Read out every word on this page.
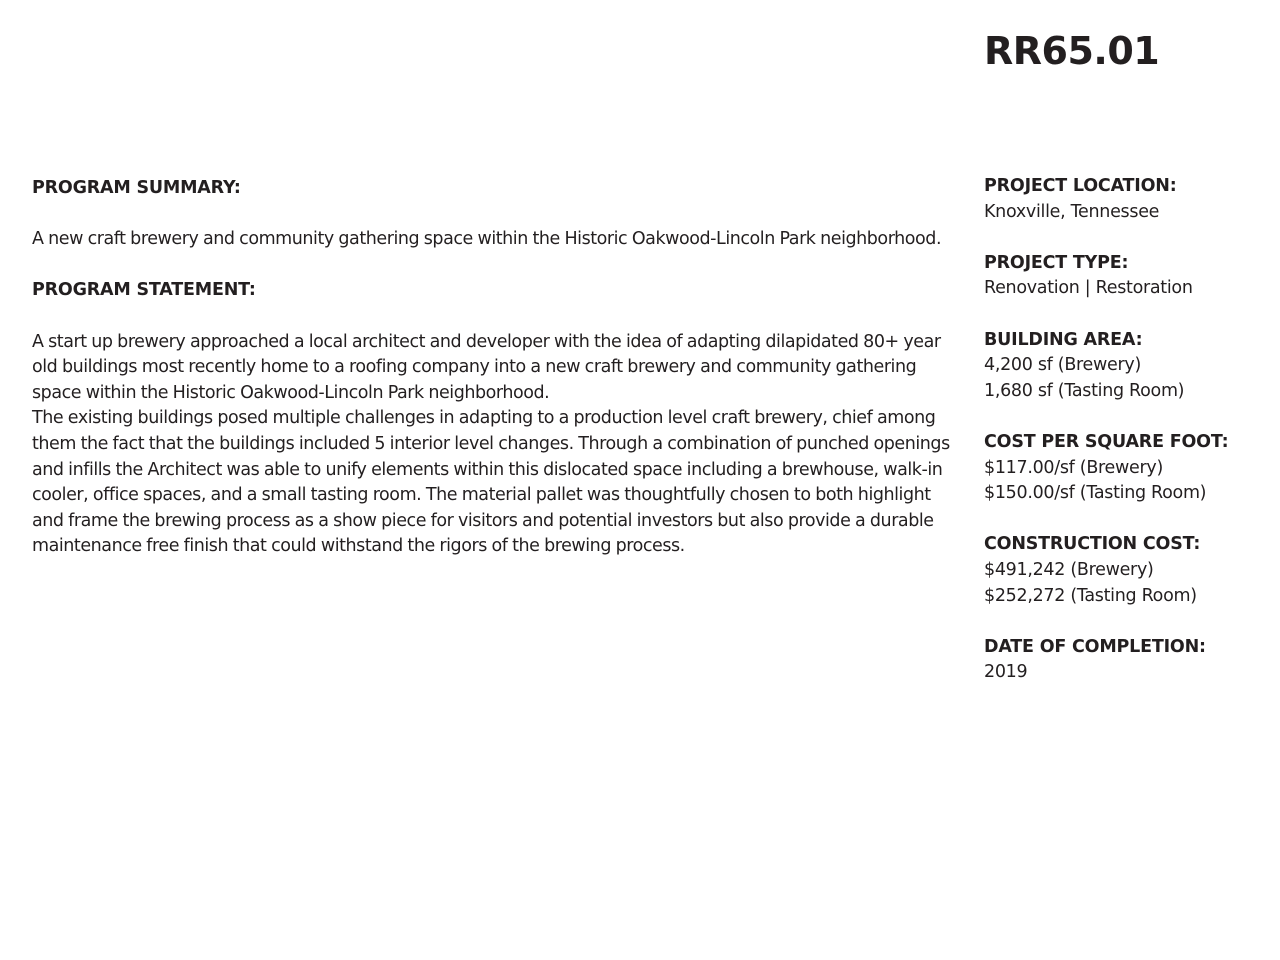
RR65.01
PROGRAM SUMMARY:

A new craft brewery and community gathering space within the Historic Oakwood-Lincoln Park neighborhood.

PROGRAM STATEMENT:

A start up brewery approached a local architect and developer with the idea of adapting dilapidated 80+ year old buildings most recently home to a roofing company into a new craft brewery and community gathering space within the Historic Oakwood-Lincoln Park neighborhood.

The existing buildings posed multiple challenges in adapting to a production level craft brewery, chief among them the fact that the buildings included 5 interior level changes. Through a combination of punched openings and infills the Architect was able to unify elements within this dislocated space including a brewhouse, walk-in cooler, office spaces, and a small tasting room. The material pallet was thoughtfully chosen to both highlight and frame the brewing process as a show piece for visitors and potential investors but also provide a durable maintenance free finish that could withstand the rigors of the brewing process.

PROJECT LOCATION:

Knoxville, Tennessee

PROJECT TYPE:

Renovation | Restoration

BUILDING AREA:

4,200 sf (Brewery)

1,680 sf (Tasting Room)

COST PER SQUARE FOOT:

$117.00/sf (Brewery)

$150.00/sf (Tasting Room)

CONSTRUCTION COST:

$491,242 (Brewery)

$252,272 (Tasting Room)

DATE OF COMPLETION:

2019
